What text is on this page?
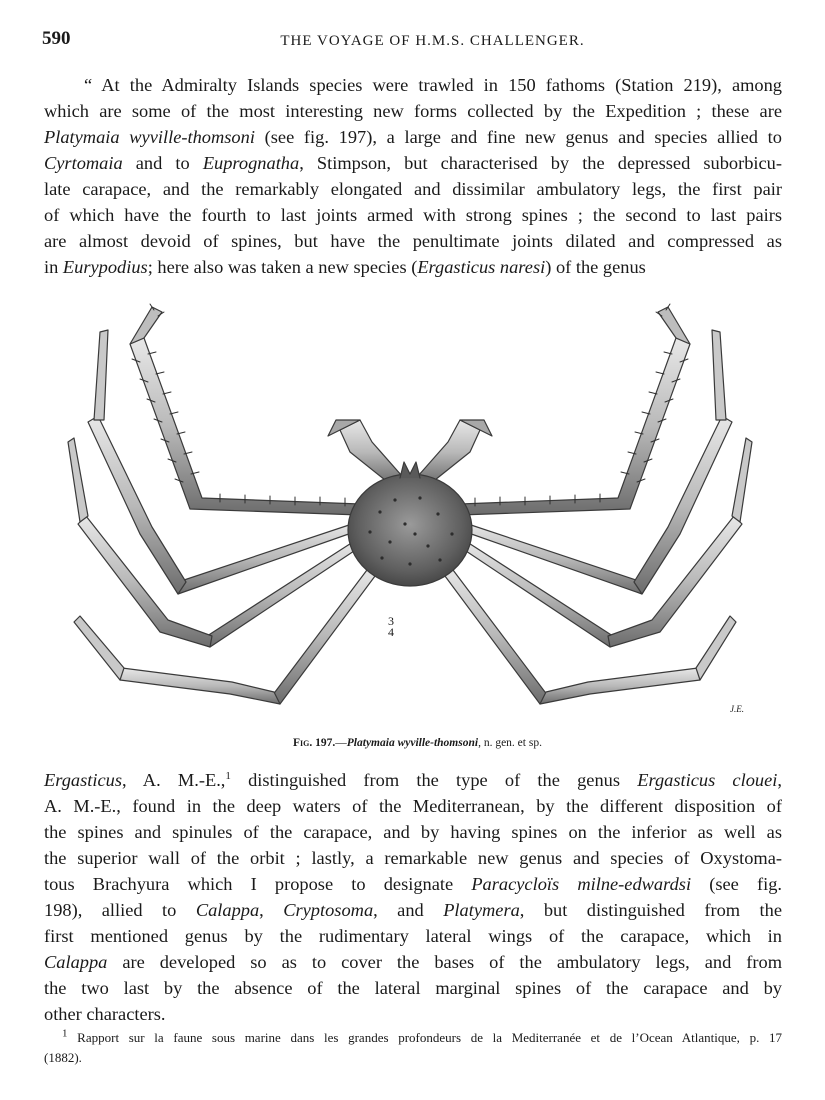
590	THE VOYAGE OF H.M.S. CHALLENGER.
“ At the Admiralty Islands species were trawled in 150 fathoms (Station 219), among
which are some of the most interesting new forms collected by the Expedition ; these are
Platymaia wyville-thomsoni (see fig. 197), a large and fine new genus and species allied to
Cyrtomaia and to Euprognatha, Stimpson, but characterised by the depressed suborbicu-
late carapace, and the remarkably elongated and dissimilar ambulatory legs, the first pair
of which have the fourth to last joints armed with strong spines ; the second to last pairs
are almost devoid of spines, but have the penultimate joints dilated and compressed as
in Eurypodius; here also was taken a new species (Ergasticus naresi) of the genus
3
4
J.E.
Fig. 197.—Platymaia wyville-thomsoni, n. gen. et sp.
Ergasticus, A. M.-E.,$^1$ distinguished from the type of the genus Ergasticus clouei,
A. M.-E., found in the deep waters of the Mediterranean, by the different disposition of
the spines and spinules of the carapace, and by having spines on the inferior as well as
the superior wall of the orbit ; lastly, a remarkable new genus and species of Oxystoma-
tous Brachyura which I propose to designate Paracycloïs milne-edwardsi (see fig.
198), allied to Calappa, Cryptosoma, and Platymera, but distinguished from the
first mentioned genus by the rudimentary lateral wings of the carapace, which in
Calappa are developed so as to cover the bases of the ambulatory legs, and from
the two last by the absence of the lateral marginal spines of the carapace and by
other characters.
$^1$ Rapport sur la faune sous marine dans les grandes profondeurs de la Mediterranée et de l’Ocean Atlantique, p. 17
(1882).
